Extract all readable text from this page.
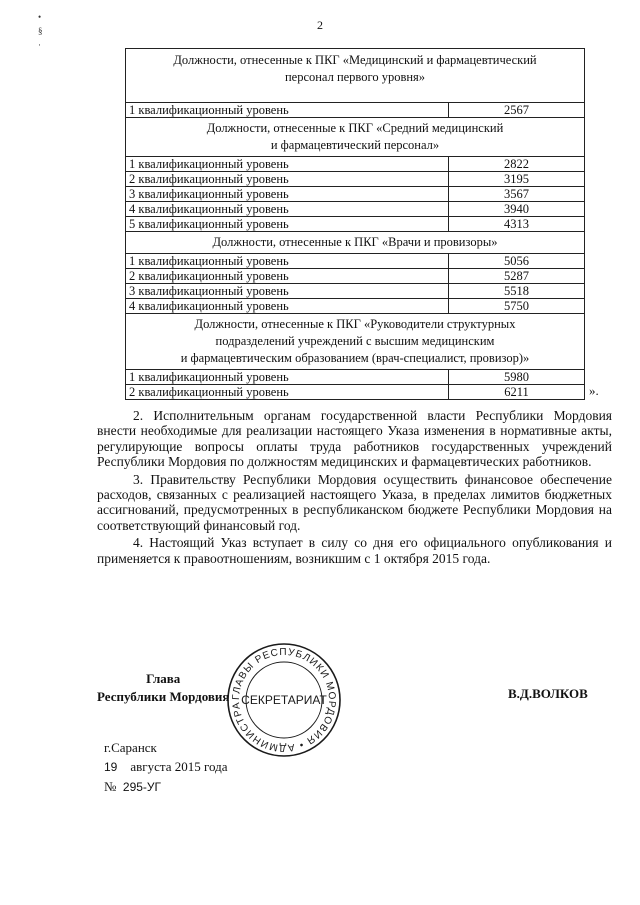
2
•
§
·
Должности, отнесенные к ПКГ «Медицинский и фармацевтический
персонал первого уровня»	

1 квалификационный уровень	2567

Должности, отнесенные к ПКГ «Средний медицинский
и фармацевтический персонал»	

1 квалификационный уровень	2822
2 квалификационный уровень	3195
3 квалификационный уровень	3567
4 квалификационный уровень	3940
5 квалификационный уровень	4313

Должности, отнесенные к ПКГ «Врачи и провизоры»	

1 квалификационный уровень	5056
2 квалификационный уровень	5287
3 квалификационный уровень	5518
4 квалификационный уровень	5750

Должности, отнесенные к ПКГ «Руководители структурных
подразделений учреждений с высшим медицинским
и фармацевтическим образованием (врач-специалист, провизор)»	

1 квалификационный уровень	5980
2 квалификационный уровень	6211	».

2. Исполнительным органам государственной власти Республики Мордовия внести необходимые для реализации настоящего Указа изменения в нормативные акты, регулирующие вопросы оплаты труда работников государственных учреждений Республики Мордовия по должностям медицинских и фармацевтических работников.

3. Правительству Республики Мордовия осуществить финансовое обеспечение расходов, связанных с реализацией настоящего Указа, в пределах лимитов бюджетных ассигнований, предусмотренных в республиканском бюджете Республики Мордовия на соответствующий финансовый год.

4. Настоящий Указ вступает в силу со дня его официального опубликования и применяется к правоотношениям, возникшим с 1 октября 2015 года.

Глава
Республики Мордовия ГЛАВЫ РЕСПУБЛИКИ МОРДОВИЯ • АДМИНИСТРА
СЕКРЕТАРИАТ	В.Д.ВОЛКОВ
г.Саранск
19 августа 2015 года
№ 295-УГ
